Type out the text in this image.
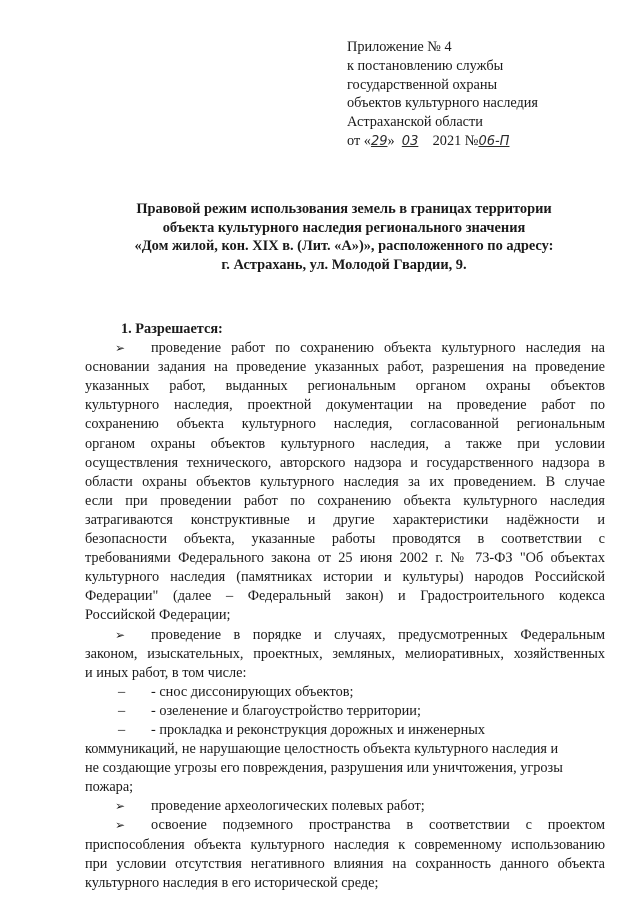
Приложение № 4
к постановлению службы
государственной охраны
объектов культурного наследия
Астраханской области
от «29» 03 2021 №06-П
Правовой режим использования земель в границах территории
объекта культурного наследия регионального значения
«Дом жилой, кон. XIX в. (Лит. «А»)», расположенного по адресу:
г. Астрахань, ул. Молодой Гвардии, 9.
1. Разрешается:
➢ проведение работ по сохранению объекта культурного наследия на
основании задания на проведение указанных работ, разрешения на проведение
указанных работ, выданных региональным органом охраны объектов
культурного наследия, проектной документации на проведение работ по
сохранению объекта культурного наследия, согласованной региональным
органом охраны объектов культурного наследия, а также при условии
осуществления технического, авторского надзора и государственного надзора в
области охраны объектов культурного наследия за их проведением. В случае
если при проведении работ по сохранению объекта культурного наследия
затрагиваются конструктивные и другие характеристики надёжности и
безопасности объекта, указанные работы проводятся в соответствии с
требованиями Федерального закона от 25 июня 2002 г. № 73-ФЗ "Об объектах
культурного наследия (памятниках истории и культуры) народов Российской
Федерации" (далее – Федеральный закон) и Градостроительного кодекса
Российской Федерации;
➢ проведение в порядке и случаях, предусмотренных Федеральным
законом, изыскательных, проектных, земляных, мелиоративных, хозяйственных
и иных работ, в том числе:
– - снос диссонирующих объектов;
– - озеленение и благоустройство территории;
– - прокладка и реконструкция дорожных и инженерных
коммуникаций, не нарушающие целостность объекта культурного наследия и
не создающие угрозы его повреждения, разрушения или уничтожения, угрозы
пожара;
➢ проведение археологических полевых работ;
➢ освоение подземного пространства в соответствии с проектом
приспособления объекта культурного наследия к современному использованию
при условии отсутствия негативного влияния на сохранность данного объекта
культурного наследия в его исторической среде;
